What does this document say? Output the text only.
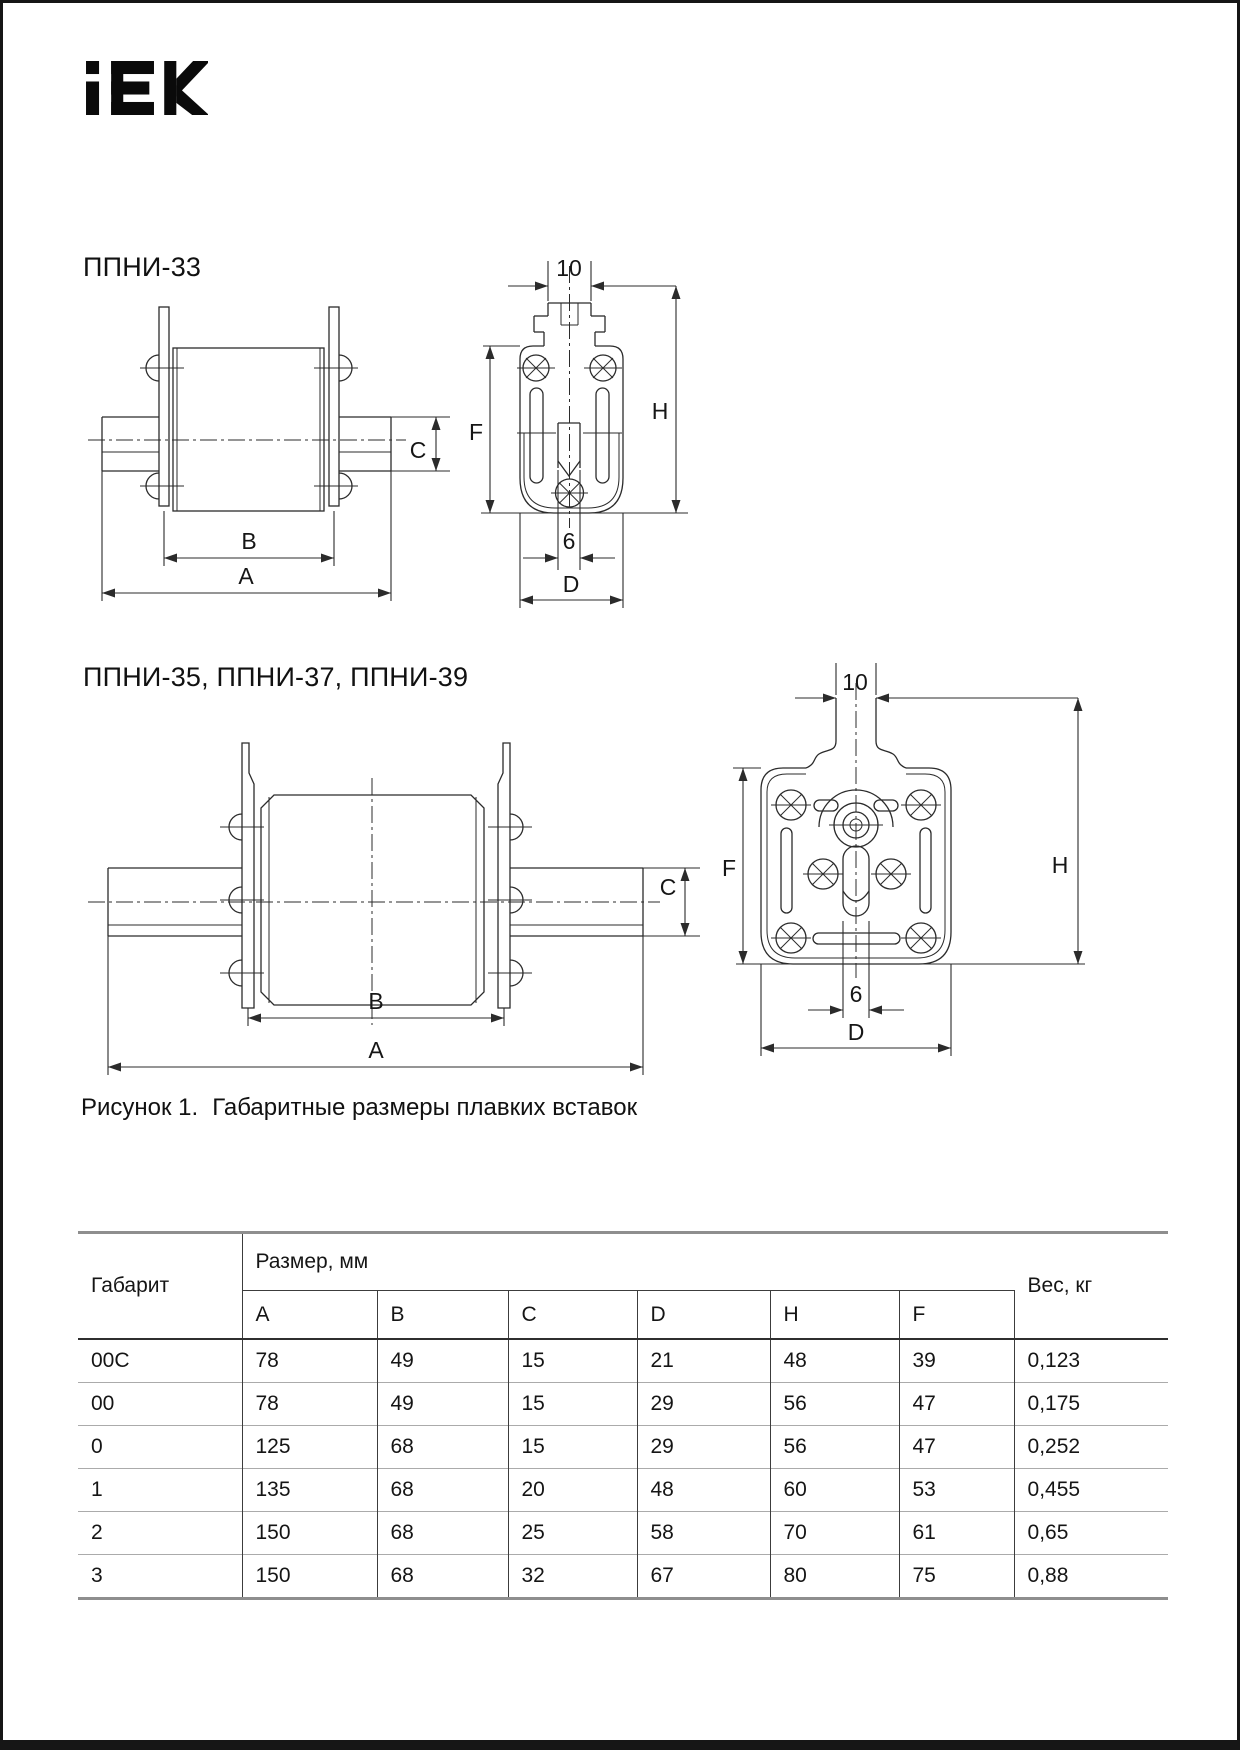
ППНИ-33
C
B
A
10
F
H
6
D
ППНИ-35, ППНИ-37, ППНИ-39
C
B
A
10
F	H
6
D
Рисунок 1. Габаритные размеры плавких вставок
Габарит	Размер, мм						Вес, кг
	A	B	C	D	H	F	
00C	78	49	15	21	48	39	0,123
00	78	49	15	29	56	47	0,175
0	125	68	15	29	56	47	0,252
1	135	68	20	48	60	53	0,455
2	150	68	25	58	70	61	0,65
3	150	68	32	67	80	75	0,88
